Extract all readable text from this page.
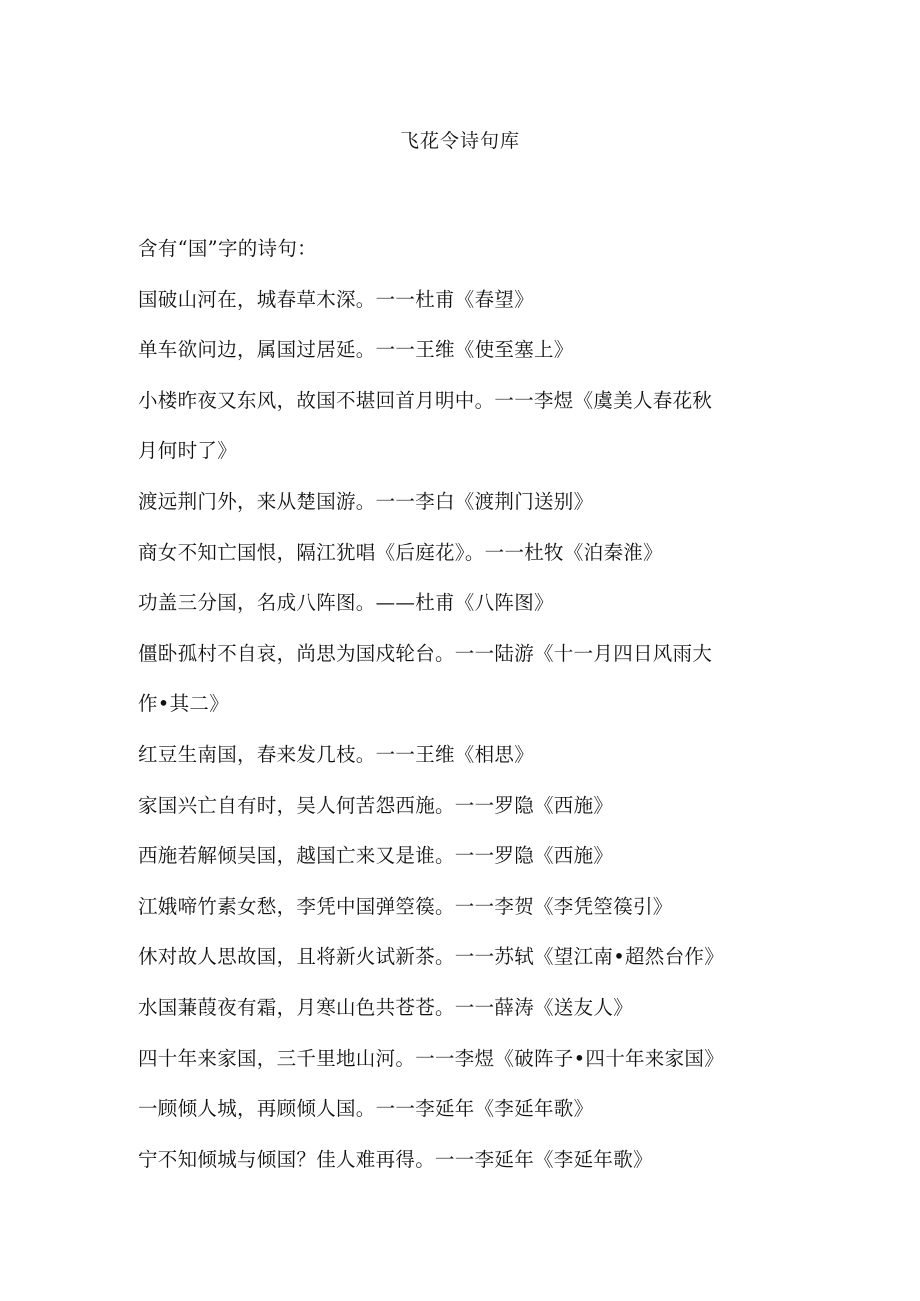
飞花令诗句库
含有“国”字的诗句：
国破山河在，城春草木深。一一杜甫《春望》
单车欲问边，属国过居延。一一王维《使至塞上》
小楼昨夜又东风，故国不堪回首月明中。一一李煜《虞美人春花秋
月何时了》
渡远荆门外，来从楚国游。一一李白《渡荆门送别》
商女不知亡国恨，隔江犹唱《后庭花》。一一杜牧《泊秦淮》
功盖三分国，名成八阵图。——杜甫《八阵图》
僵卧孤村不自哀，尚思为国戍轮台。一一陆游《十一月四日风雨大
作•其二》
红豆生南国，春来发几枝。一一王维《相思》
家国兴亡自有时，吴人何苦怨西施。一一罗隐《西施》
西施若解倾吴国，越国亡来又是谁。一一罗隐《西施》
江娥啼竹素女愁，李凭中国弹箜篌。一一李贺《李凭箜篌引》
休对故人思故国，且将新火试新茶。一一苏轼《望江南•超然台作》
水国蒹葭夜有霜，月寒山色共苍苍。一一薛涛《送友人》
四十年来家国，三千里地山河。一一李煜《破阵子•四十年来家国》
一顾倾人城，再顾倾人国。一一李延年《李延年歌》
宁不知倾城与倾国？佳人难再得。一一李延年《李延年歌》
